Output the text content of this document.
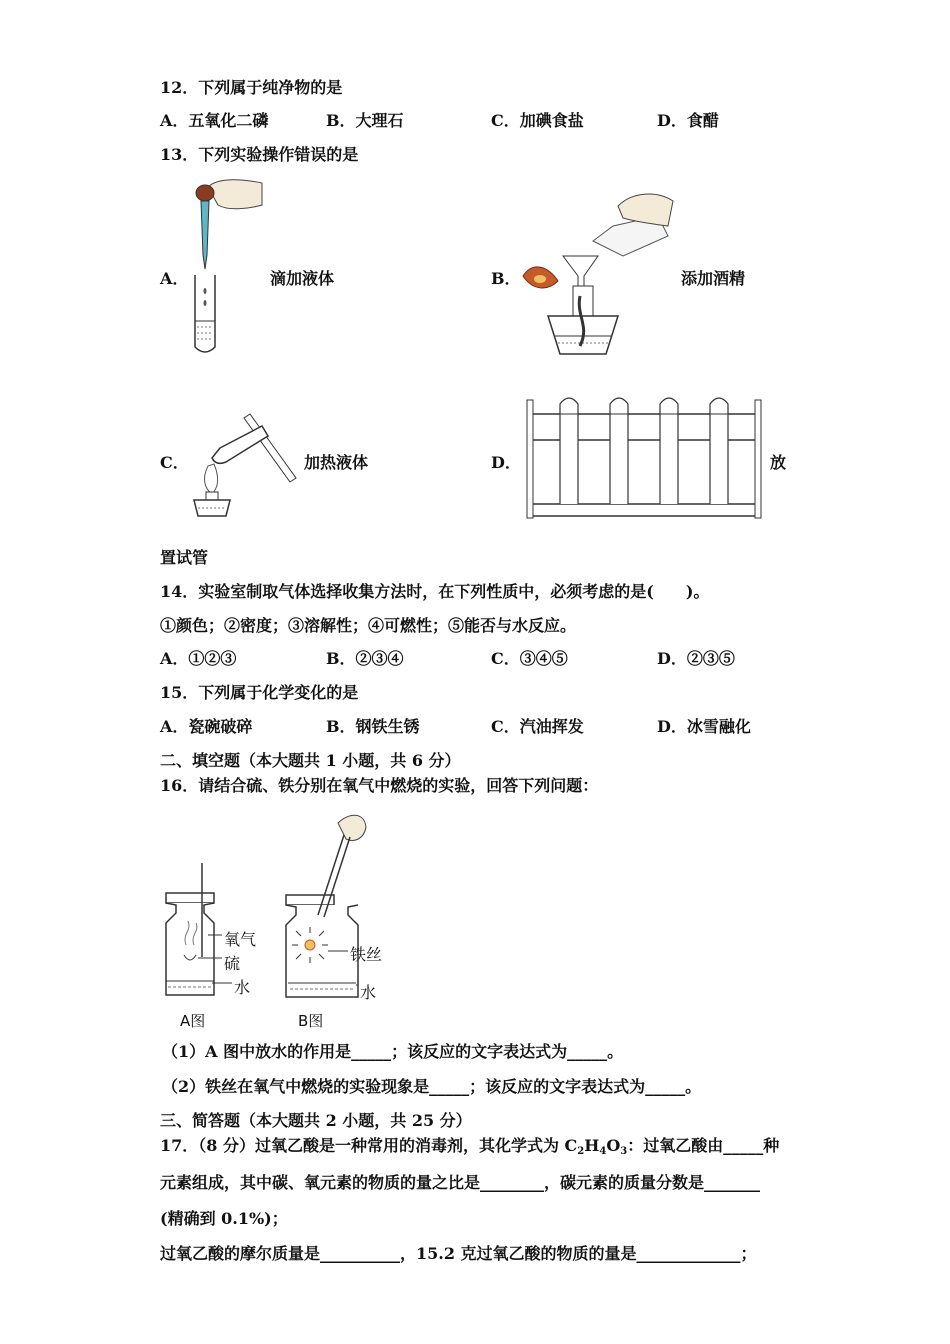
12．下列属于纯净物的是
A．五氧化二磷	B．大理石	C．加碘食盐	D．食醋
13．下列实验操作错误的是
A．	滴加液体	B．	添加酒精
C．	加热液体	D．	放
置试管
14．实验室制取气体选择收集方法时，在下列性质中，必须考虑的是(　　)。
①颜色；②密度；③溶解性；④可燃性；⑤能否与水反应。
A．①②③	B．②③④	C．③④⑤	D．②③⑤
15．下列属于化学变化的是
A．瓷碗破碎	B．钢铁生锈	C．汽油挥发	D．冰雪融化
二、填空题（本大题共 1 小题，共 6 分）
16．请结合硫、铁分别在氧气中燃烧的实验，回答下列问题：
氧气
硫
水
铁丝
水
A图	B图
（1）A 图中放水的作用是_____；该反应的文字表达式为_____。
（2）铁丝在氧气中燃烧的实验现象是_____；该反应的文字表达式为_____。
三、简答题（本大题共 2 小题，共 25 分）
17．（8 分）过氧乙酸是一种常用的消毒剂，其化学式为 $C_2H_4O_3$：过氧乙酸由_____种
元素组成，其中碳、氧元素的物质的量之比是________，碳元素的质量分数是_______
(精确到 0.1%)；
过氧乙酸的摩尔质量是__________，15.2 克过氧乙酸的物质的量是_____________；
